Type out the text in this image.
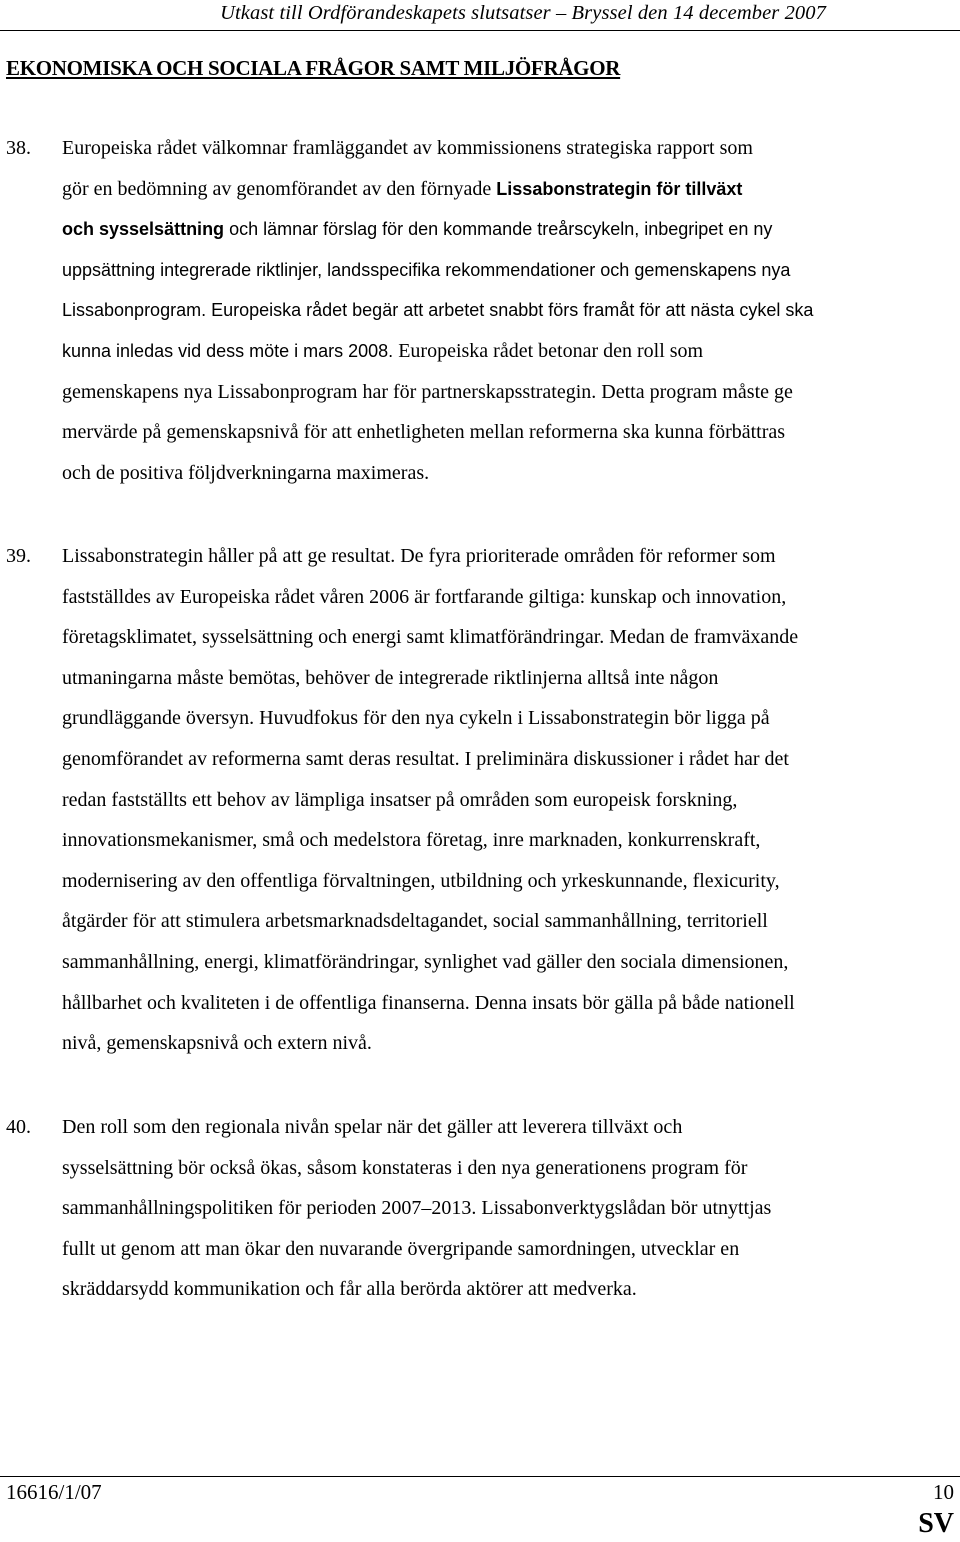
Utkast till Ordförandeskapets slutsatser – Bryssel den 14 december 2007
EKONOMISKA OCH SOCIALA FRÅGOR SAMT MILJÖFRÅGOR
38. Europeiska rådet välkomnar framläggandet av kommissionens strategiska rapport som
gör en bedömning av genomförandet av den förnyade Lissabonstrategin för tillväxt
och sysselsättning och lämnar förslag för den kommande treårscykeln, inbegripet en ny
uppsättning integrerade riktlinjer, landsspecifika rekommendationer och gemenskapens nya
Lissabonprogram. Europeiska rådet begär att arbetet snabbt förs framåt för att nästa cykel ska
kunna inledas vid dess möte i mars 2008. Europeiska rådet betonar den roll som
gemenskapens nya Lissabonprogram har för partnerskapsstrategin. Detta program måste ge
mervärde på gemenskapsnivå för att enhetligheten mellan reformerna ska kunna förbättras
och de positiva följdverkningarna maximeras.
39. Lissabonstrategin håller på att ge resultat. De fyra prioriterade områden för reformer som
fastställdes av Europeiska rådet våren 2006 är fortfarande giltiga: kunskap och innovation,
företagsklimatet, sysselsättning och energi samt klimatförändringar. Medan de framväxande
utmaningarna måste bemötas, behöver de integrerade riktlinjerna alltså inte någon
grundläggande översyn. Huvudfokus för den nya cykeln i Lissabonstrategin bör ligga på
genomförandet av reformerna samt deras resultat. I preliminära diskussioner i rådet har det
redan fastställts ett behov av lämpliga insatser på områden som europeisk forskning,
innovationsmekanismer, små och medelstora företag, inre marknaden, konkurrenskraft,
modernisering av den offentliga förvaltningen, utbildning och yrkeskunnande, flexicurity,
åtgärder för att stimulera arbetsmarknadsdeltagandet, social sammanhållning, territoriell
sammanhållning, energi, klimatförändringar, synlighet vad gäller den sociala dimensionen,
hållbarhet och kvaliteten i de offentliga finanserna. Denna insats bör gälla på både nationell
nivå, gemenskapsnivå och extern nivå.
40. Den roll som den regionala nivån spelar när det gäller att leverera tillväxt och
sysselsättning bör också ökas, såsom konstateras i den nya generationens program för
sammanhållningspolitiken för perioden 2007–2013. Lissabonverktygslådan bör utnyttjas
fullt ut genom att man ökar den nuvarande övergripande samordningen, utvecklar en
skräddarsydd kommunikation och får alla berörda aktörer att medverka.
16616/1/07	10
SV
